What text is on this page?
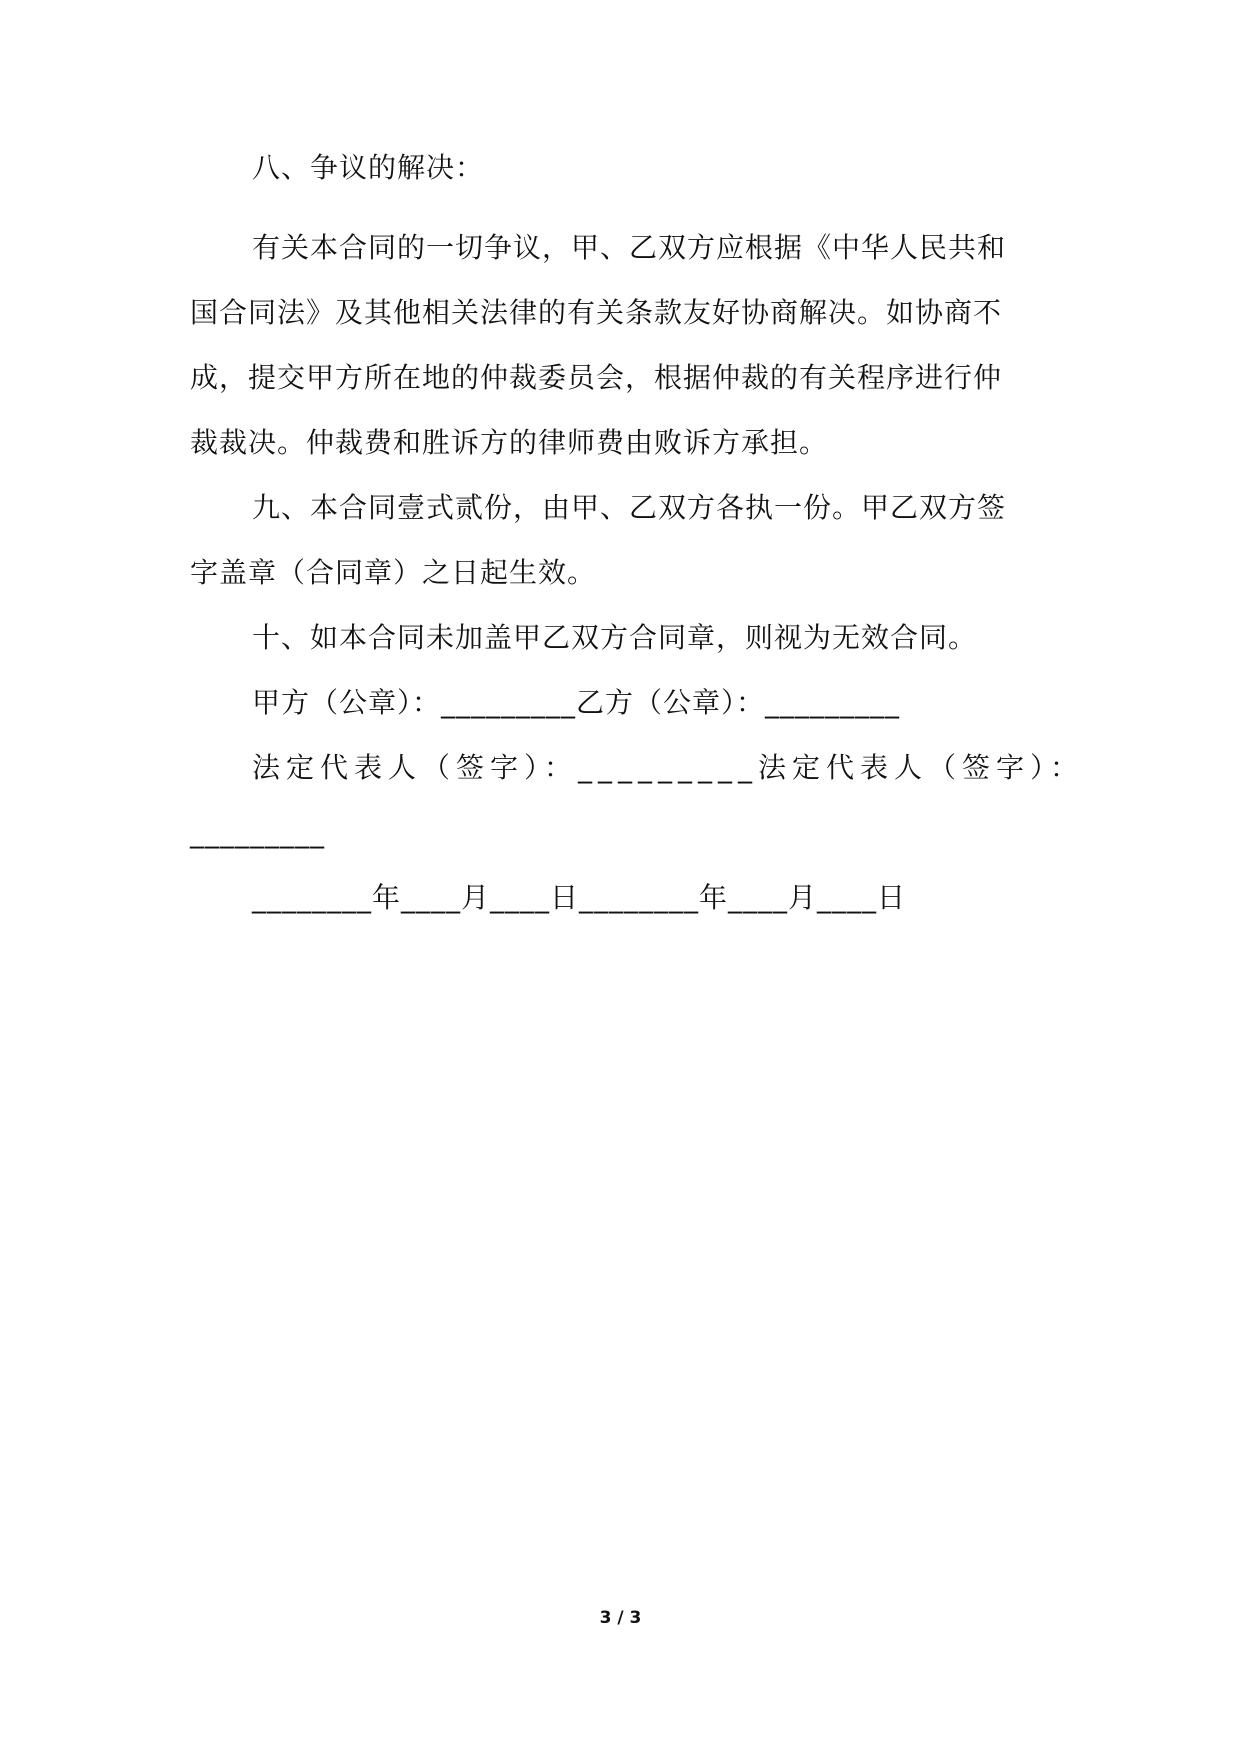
八、争议的解决：
有关本合同的一切争议，甲、乙双方应根据《中华人民共和
国合同法》及其他相关法律的有关条款友好协商解决。如协商不
成，提交甲方所在地的仲裁委员会，根据仲裁的有关程序进行仲
裁裁决。仲裁费和胜诉方的律师费由败诉方承担。
九、本合同壹式贰份，由甲、乙双方各执一份。甲乙双方签
字盖章（合同章）之日起生效。
十、如本合同未加盖甲乙双方合同章，则视为无效合同。
甲方（公章）：_________乙方（公章）：_________
法定代表人（签字）：_________法定代表人（签字）：
_________
________年____月____日________年____月____日
3 / 3
